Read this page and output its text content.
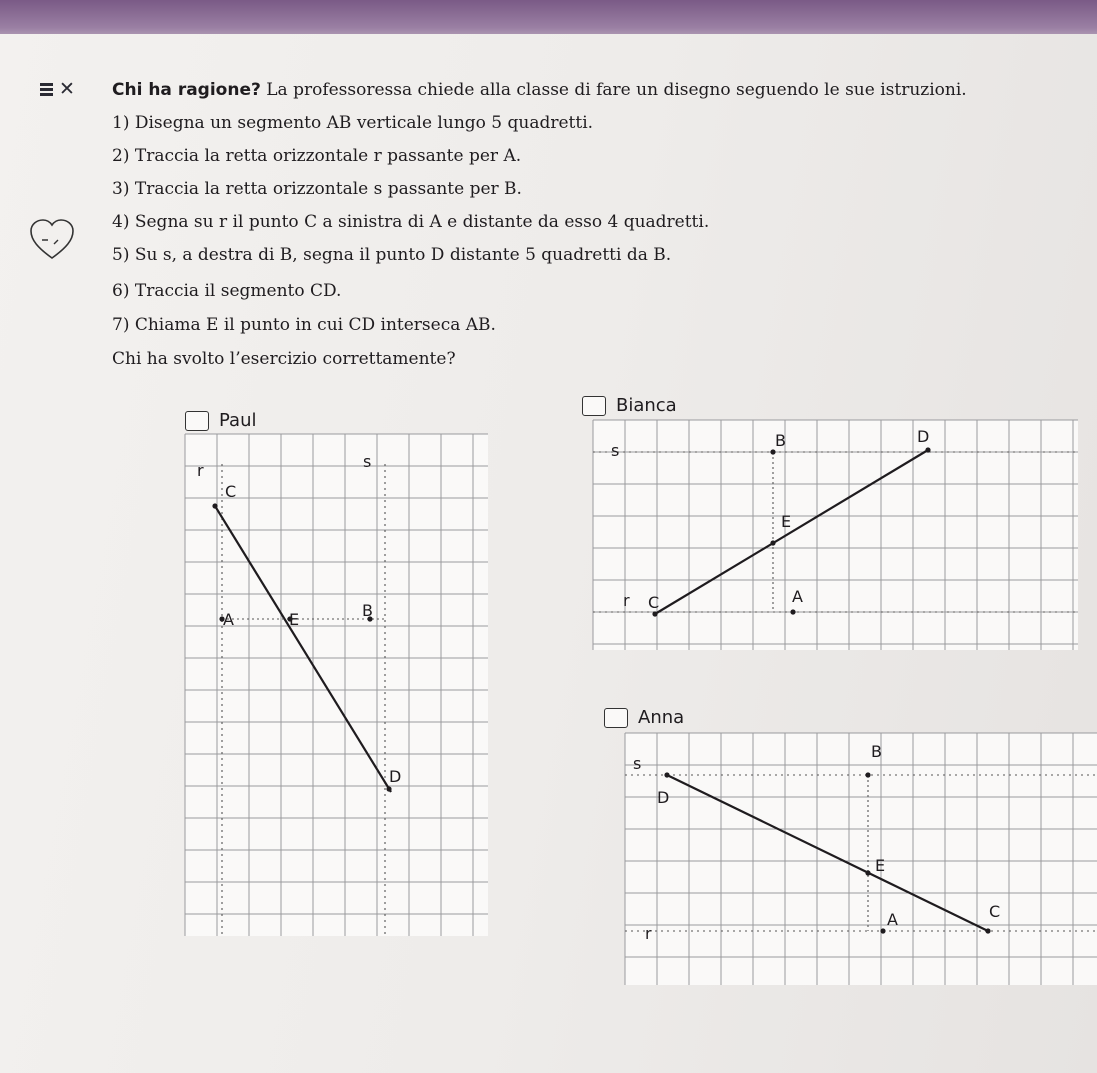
✕ Chi ha ragione? La professoressa chiede alla classe di fare un disegno seguendo le sue istruzioni.
1) Disegna un segmento AB verticale lungo 5 quadretti.
2) Traccia la retta orizzontale r passante per A.
3) Traccia la retta orizzontale s passante per B.
4) Segna su r il punto C a sinistra di A e distante da esso 4 quadretti.
5) Su s, a destra di B, segna il punto D distante 5 quadretti da B.
6) Traccia il segmento CD.
7) Chiama E il punto in cui CD interseca AB.
Chi ha svolto l’esercizio correttamente?
Paul
Bianca
Anna
r	s
C
A	E	B
D
s
B	D
E
r C	A
s
B
D
E
r
A	C
